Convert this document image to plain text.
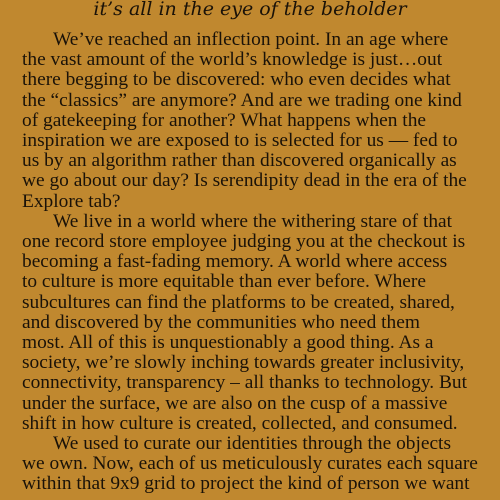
it’s all in the eye of the beholder
We’ve reached an inflection point. In an age where
the vast amount of the world’s knowledge is just…out
there begging to be discovered: who even decides what
the “classics” are anymore? And are we trading one kind
of gatekeeping for another? What happens when the
inspiration we are exposed to is selected for us — fed to
us by an algorithm rather than discovered organically as
we go about our day? Is serendipity dead in the era of the
Explore tab?
We live in a world where the withering stare of that
one record store employee judging you at the checkout is
becoming a fast-fading memory. A world where access
to culture is more equitable than ever before. Where
subcultures can find the platforms to be created, shared,
and discovered by the communities who need them
most. All of this is unquestionably a good thing. As a
society, we’re slowly inching towards greater inclusivity,
connectivity, transparency – all thanks to technology. But
under the surface, we are also on the cusp of a massive
shift in how culture is created, collected, and consumed.
We used to curate our identities through the objects
we own. Now, each of us meticulously curates each square
within that 9x9 grid to project the kind of person we want
